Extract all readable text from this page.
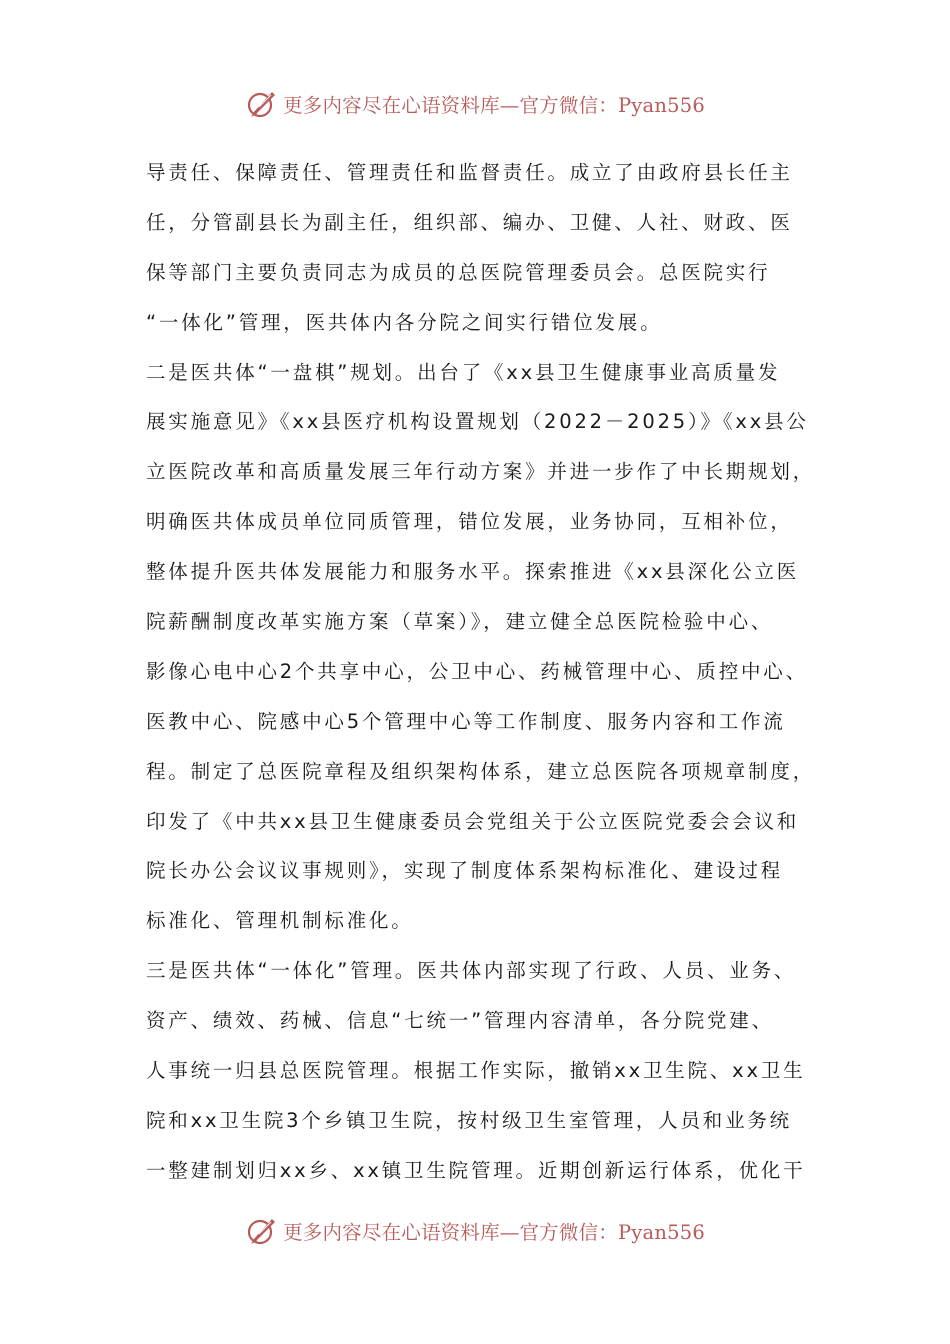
更多内容尽在心语资料库—官方微信：Pyan556
导责任、保障责任、管理责任和监督责任。成立了由政府县长任主
任，分管副县长为副主任，组织部、编办、卫健、人社、财政、医
保等部门主要负责同志为成员的总医院管理委员会。总医院实行
“一体化”管理，医共体内各分院之间实行错位发展。
二是医共体“一盘棋”规划。出台了《xx县卫生健康事业高质量发
展实施意见》《xx县医疗机构设置规划（2022－2025）》《xx县公
立医院改革和高质量发展三年行动方案》并进一步作了中长期规划，
明确医共体成员单位同质管理，错位发展，业务协同，互相补位，
整体提升医共体发展能力和服务水平。探索推进《xx县深化公立医
院薪酬制度改革实施方案（草案）》，建立健全总医院检验中心、
影像心电中心2个共享中心，公卫中心、药械管理中心、质控中心、
医教中心、院感中心5个管理中心等工作制度、服务内容和工作流
程。制定了总医院章程及组织架构体系，建立总医院各项规章制度，
印发了《中共xx县卫生健康委员会党组关于公立医院党委会会议和
院长办公会议议事规则》，实现了制度体系架构标准化、建设过程
标准化、管理机制标准化。
三是医共体“一体化”管理。医共体内部实现了行政、人员、业务、
资产、绩效、药械、信息“七统一”管理内容清单，各分院党建、
人事统一归县总医院管理。根据工作实际，撤销xx卫生院、xx卫生
院和xx卫生院3个乡镇卫生院，按村级卫生室管理，人员和业务统
一整建制划归xx乡、xx镇卫生院管理。近期创新运行体系，优化干
更多内容尽在心语资料库—官方微信：Pyan556
